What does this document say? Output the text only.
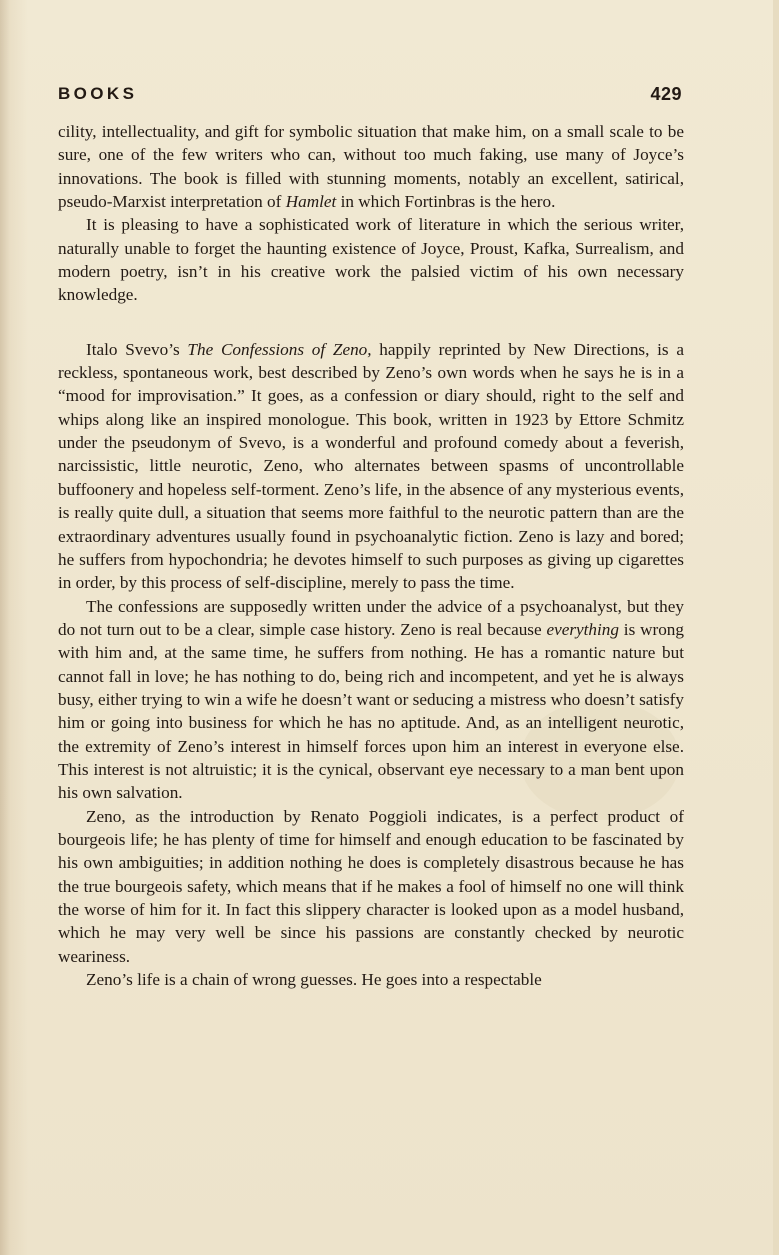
BOOKS	429

cility, intellectuality, and gift for symbolic situation that make him, on a small scale to be sure, one of the few writers who can, without too much faking, use many of Joyce’s innovations. The book is filled with stunning moments, notably an excellent, satirical, pseudo-Marxist interpretation of Hamlet in which Fortinbras is the hero.

It is pleasing to have a sophisticated work of literature in which the serious writer, naturally unable to forget the haunting existence of Joyce, Proust, Kafka, Surrealism, and modern poetry, isn’t in his creative work the palsied victim of his own necessary knowledge.

Italo Svevo’s The Confessions of Zeno, happily reprinted by New Directions, is a reckless, spontaneous work, best described by Zeno’s own words when he says he is in a “mood for improvisation.” It goes, as a confession or diary should, right to the self and whips along like an inspired monologue. This book, written in 1923 by Ettore Schmitz under the pseudonym of Svevo, is a wonderful and profound comedy about a feverish, narcissistic, little neurotic, Zeno, who alternates between spasms of uncontrollable buffoonery and hopeless self-torment. Zeno’s life, in the absence of any mysterious events, is really quite dull, a situation that seems more faithful to the neurotic pattern than are the extraordinary adventures usually found in psychoanalytic fiction. Zeno is lazy and bored; he suffers from hypochondria; he devotes himself to such purposes as giving up cigarettes in order, by this process of self-discipline, merely to pass the time.

The confessions are supposedly written under the advice of a psychoanalyst, but they do not turn out to be a clear, simple case history. Zeno is real because everything is wrong with him and, at the same time, he suffers from nothing. He has a romantic nature but cannot fall in love; he has nothing to do, being rich and incompetent, and yet he is always busy, either trying to win a wife he doesn’t want or seducing a mistress who doesn’t satisfy him or going into business for which he has no aptitude. And, as an intelligent neurotic, the extremity of Zeno’s interest in himself forces upon him an interest in everyone else. This interest is not altruistic; it is the cynical, observant eye necessary to a man bent upon his own salvation.

Zeno, as the introduction by Renato Poggioli indicates, is a perfect product of bourgeois life; he has plenty of time for himself and enough education to be fascinated by his own ambiguities; in addition nothing he does is completely disastrous because he has the true bourgeois safety, which means that if he makes a fool of himself no one will think the worse of him for it. In fact this slippery character is looked upon as a model husband, which he may very well be since his passions are constantly checked by neurotic weariness.

Zeno’s life is a chain of wrong guesses. He goes into a respectable
